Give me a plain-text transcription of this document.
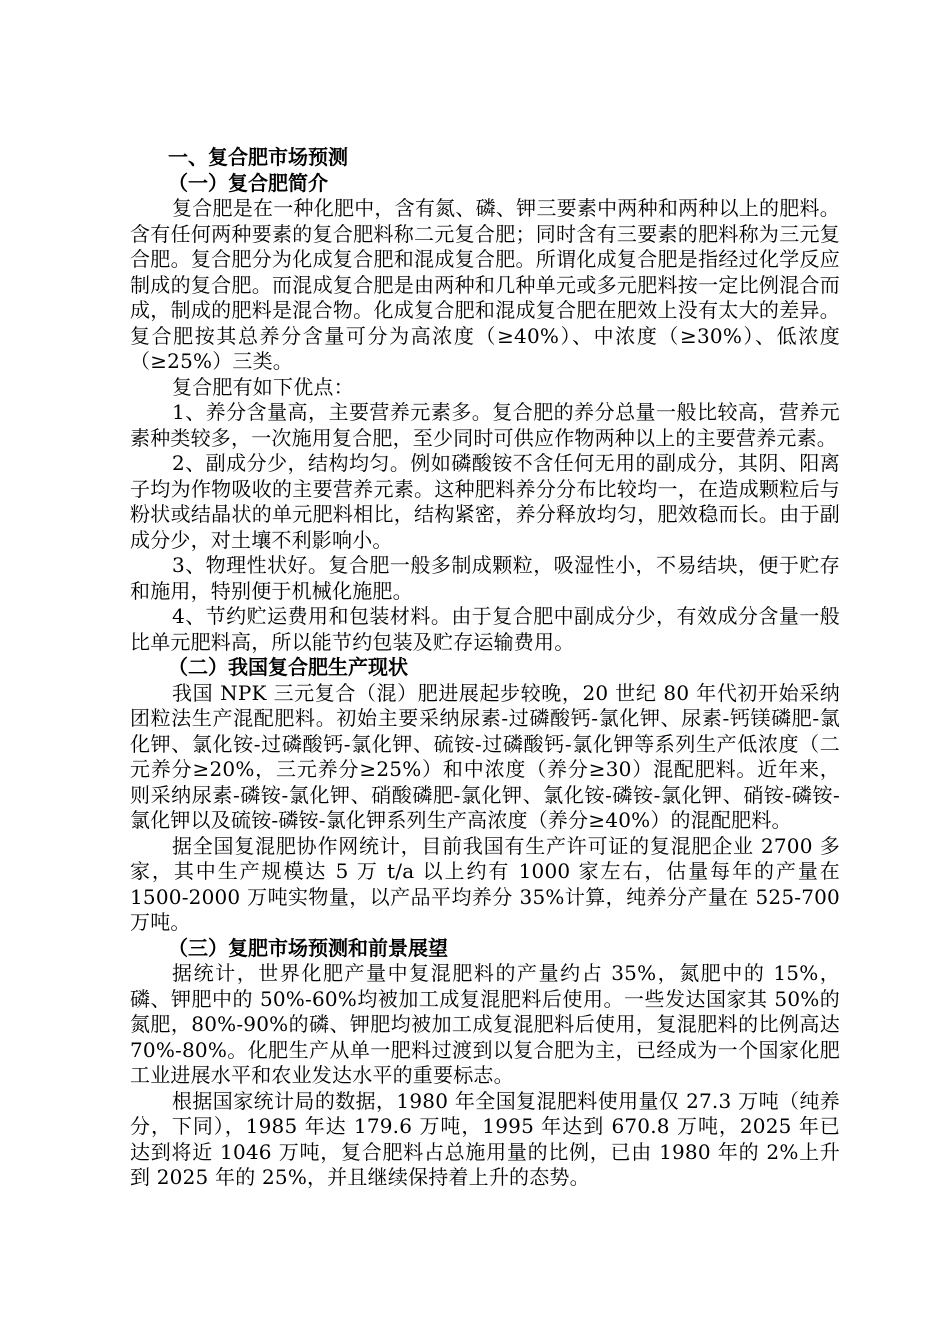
一、复合肥市场预测
（一）复合肥简介

复合肥是在一种化肥中，含有氮、磷、钾三要素中两种和两种以上的肥料。含有任何两种要素的复合肥料称二元复合肥；同时含有三要素的肥料称为三元复合肥。复合肥分为化成复合肥和混成复合肥。所谓化成复合肥是指经过化学反应制成的复合肥。而混成复合肥是由两种和几种单元或多元肥料按一定比例混合而成，制成的肥料是混合物。化成复合肥和混成复合肥在肥效上没有太大的差异。复合肥按其总养分含量可分为高浓度（≥40%）、中浓度（≥30%）、低浓度（≥25%）三类。

复合肥有如下优点：

1、养分含量高，主要营养元素多。复合肥的养分总量一般比较高，营养元素种类较多，一次施用复合肥，至少同时可供应作物两种以上的主要营养元素。

2、副成分少，结构均匀。例如磷酸铵不含任何无用的副成分，其阴、阳离子均为作物吸收的主要营养元素。这种肥料养分分布比较均一，在造成颗粒后与粉状或结晶状的单元肥料相比，结构紧密，养分释放均匀，肥效稳而长。由于副成分少，对土壤不利影响小。

3、物理性状好。复合肥一般多制成颗粒，吸湿性小，不易结块，便于贮存和施用，特别便于机械化施肥。

4、节约贮运费用和包装材料。由于复合肥中副成分少，有效成分含量一般比单元肥料高，所以能节约包装及贮存运输费用。

（二）我国复合肥生产现状

我国 NPK 三元复合（混）肥进展起步较晚，20 世纪 80 年代初开始采纳团粒法生产混配肥料。初始主要采纳尿素-过磷酸钙-氯化钾、尿素-钙镁磷肥-氯化钾、氯化铵-过磷酸钙-氯化钾、硫铵-过磷酸钙-氯化钾等系列生产低浓度（二元养分≥20%，三元养分≥25%）和中浓度（养分≥30）混配肥料。近年来，则采纳尿素-磷铵-氯化钾、硝酸磷肥-氯化钾、氯化铵-磷铵-氯化钾、硝铵-磷铵-氯化钾以及硫铵-磷铵-氯化钾系列生产高浓度（养分≥40%）的混配肥料。

据全国复混肥协作网统计，目前我国有生产许可证的复混肥企业 2700 多家，其中生产规模达 5 万 t/a 以上约有 1000 家左右，估量每年的产量在 1500-2000 万吨实物量，以产品平均养分 35%计算，纯养分产量在 525-700 万吨。

（三）复肥市场预测和前景展望

据统计，世界化肥产量中复混肥料的产量约占 35%，氮肥中的 15%，磷、钾肥中的 50%-60%均被加工成复混肥料后使用。一些发达国家其 50%的氮肥，80%-90%的磷、钾肥均被加工成复混肥料后使用，复混肥料的比例高达 70%-80%。化肥生产从单一肥料过渡到以复合肥为主，已经成为一个国家化肥工业进展水平和农业发达水平的重要标志。

根据国家统计局的数据，1980 年全国复混肥料使用量仅 27.3 万吨（纯养分，下同），1985 年达 179.6 万吨，1995 年达到 670.8 万吨，2025 年已达到将近 1046 万吨，复合肥料占总施用量的比例，已由 1980 年的 2%上升到 2025 年的 25%，并且继续保持着上升的态势。
